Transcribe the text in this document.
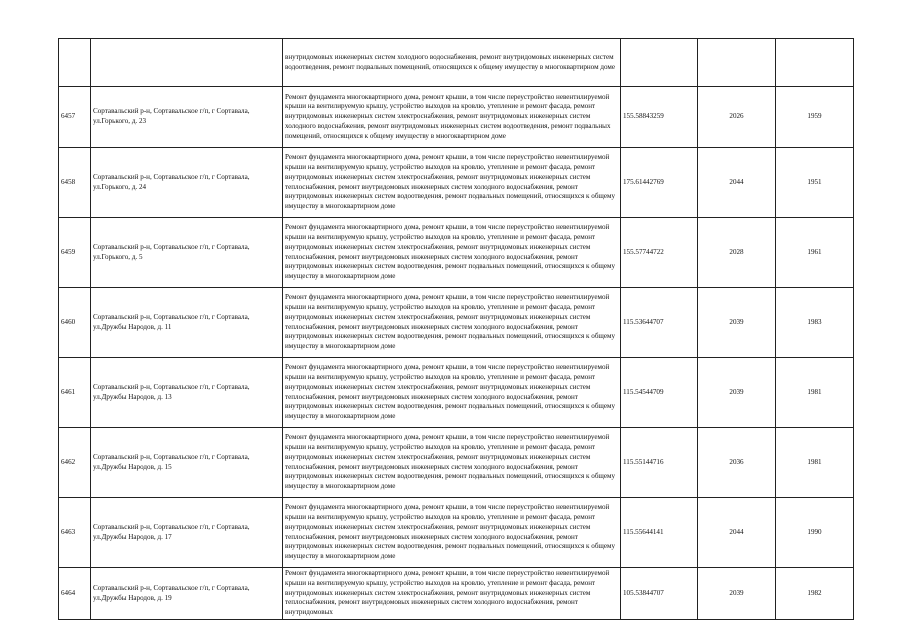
		внутридомовых инженерных систем холодного водоснабжения, ремонт внутридомовых инженерных систем водоотведения, ремонт подвальных помещений, относящихся к общему имуществу в многоквартирном доме			
6457	Сортавальский р-н, Сортавальское г/п, г Сортавала, ул.Горького, д. 23	Ремонт фундамента многоквартирного дома, ремонт крыши, в том числе переустройство невентилируемой крыши на вентилируемую крышу, устройство выходов на кровлю, утепление и ремонт фасада, ремонт внутридомовых инженерных систем электроснабжения, ремонт внутридомовых инженерных систем холодного водоснабжения, ремонт внутридомовых инженерных систем водоотведения, ремонт подвальных помещений, относящихся к общему имуществу в многоквартирном доме	155.58843259	2026	1959
6458	Сортавальский р-н, Сортавальское г/п, г Сортавала, ул.Горького, д. 24	Ремонт фундамента многоквартирного дома, ремонт крыши, в том числе переустройство невентилируемой крыши на вентилируемую крышу, устройство выходов на кровлю, утепление и ремонт фасада, ремонт внутридомовых инженерных систем электроснабжения, ремонт внутридомовых инженерных систем теплоснабжения, ремонт внутридомовых инженерных систем холодного водоснабжения, ремонт внутридомовых инженерных систем водоотведения, ремонт подвальных помещений, относящихся к общему имуществу в многоквартирном доме	175.61442769	2044	1951
6459	Сортавальский р-н, Сортавальское г/п, г Сортавала, ул.Горького, д. 5	Ремонт фундамента многоквартирного дома, ремонт крыши, в том числе переустройство невентилируемой крыши на вентилируемую крышу, устройство выходов на кровлю, утепление и ремонт фасада, ремонт внутридомовых инженерных систем электроснабжения, ремонт внутридомовых инженерных систем теплоснабжения, ремонт внутридомовых инженерных систем холодного водоснабжения, ремонт внутридомовых инженерных систем водоотведения, ремонт подвальных помещений, относящихся к общему имуществу в многоквартирном доме	155.57744722	2028	1961
6460	Сортавальский р-н, Сортавальское г/п, г Сортавала, ул.Дружбы Народов, д. 11	Ремонт фундамента многоквартирного дома, ремонт крыши, в том числе переустройство невентилируемой крыши на вентилируемую крышу, устройство выходов на кровлю, утепление и ремонт фасада, ремонт внутридомовых инженерных систем электроснабжения, ремонт внутридомовых инженерных систем теплоснабжения, ремонт внутридомовых инженерных систем холодного водоснабжения, ремонт внутридомовых инженерных систем водоотведения, ремонт подвальных помещений, относящихся к общему имуществу в многоквартирном доме	115.53644707	2039	1983
6461	Сортавальский р-н, Сортавальское г/п, г Сортавала, ул.Дружбы Народов, д. 13	Ремонт фундамента многоквартирного дома, ремонт крыши, в том числе переустройство невентилируемой крыши на вентилируемую крышу, устройство выходов на кровлю, утепление и ремонт фасада, ремонт внутридомовых инженерных систем электроснабжения, ремонт внутридомовых инженерных систем теплоснабжения, ремонт внутридомовых инженерных систем холодного водоснабжения, ремонт внутридомовых инженерных систем водоотведения, ремонт подвальных помещений, относящихся к общему имуществу в многоквартирном доме	115.54544709	2039	1981
6462	Сортавальский р-н, Сортавальское г/п, г Сортавала, ул.Дружбы Народов, д. 15	Ремонт фундамента многоквартирного дома, ремонт крыши, в том числе переустройство невентилируемой крыши на вентилируемую крышу, устройство выходов на кровлю, утепление и ремонт фасада, ремонт внутридомовых инженерных систем электроснабжения, ремонт внутридомовых инженерных систем теплоснабжения, ремонт внутридомовых инженерных систем холодного водоснабжения, ремонт внутридомовых инженерных систем водоотведения, ремонт подвальных помещений, относящихся к общему имуществу в многоквартирном доме	115.55144716	2036	1981
6463	Сортавальский р-н, Сортавальское г/п, г Сортавала, ул.Дружбы Народов, д. 17	Ремонт фундамента многоквартирного дома, ремонт крыши, в том числе переустройство невентилируемой крыши на вентилируемую крышу, устройство выходов на кровлю, утепление и ремонт фасада, ремонт внутридомовых инженерных систем электроснабжения, ремонт внутридомовых инженерных систем теплоснабжения, ремонт внутридомовых инженерных систем холодного водоснабжения, ремонт внутридомовых инженерных систем водоотведения, ремонт подвальных помещений, относящихся к общему имуществу в многоквартирном доме	115.55644141	2044	1990
6464	Сортавальский р-н, Сортавальское г/п, г Сортавала, ул.Дружбы Народов, д. 19	Ремонт фундамента многоквартирного дома, ремонт крыши, в том числе переустройство невентилируемой крыши на вентилируемую крышу, устройство выходов на кровлю, утепление и ремонт фасада, ремонт внутридомовых инженерных систем электроснабжения, ремонт внутридомовых инженерных систем теплоснабжения, ремонт внутридомовых инженерных систем холодного водоснабжения, ремонт внутридомовых	105.53844707	2039	1982
